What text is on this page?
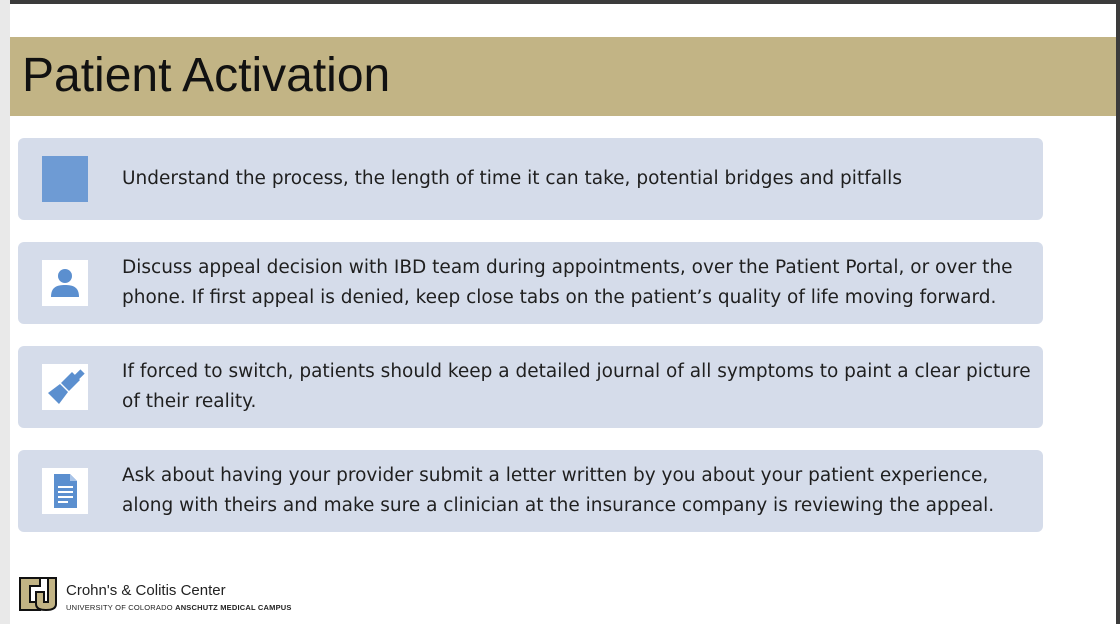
Patient Activation
Understand the process, the length of time it can take, potential bridges and pitfalls
Discuss appeal decision with IBD team during appointments, over the Patient Portal, or over the phone. If first appeal is denied, keep close tabs on the patient’s quality of life moving forward.
If forced to switch, patients should keep a detailed journal of all symptoms to paint a clear picture of their reality.
Ask about having your provider submit a letter written by you about your patient experience, along with theirs and make sure a clinician at the insurance company is reviewing the appeal.
Crohn's & Colitis Center
UNIVERSITY OF COLORADO ANSCHUTZ MEDICAL CAMPUS
